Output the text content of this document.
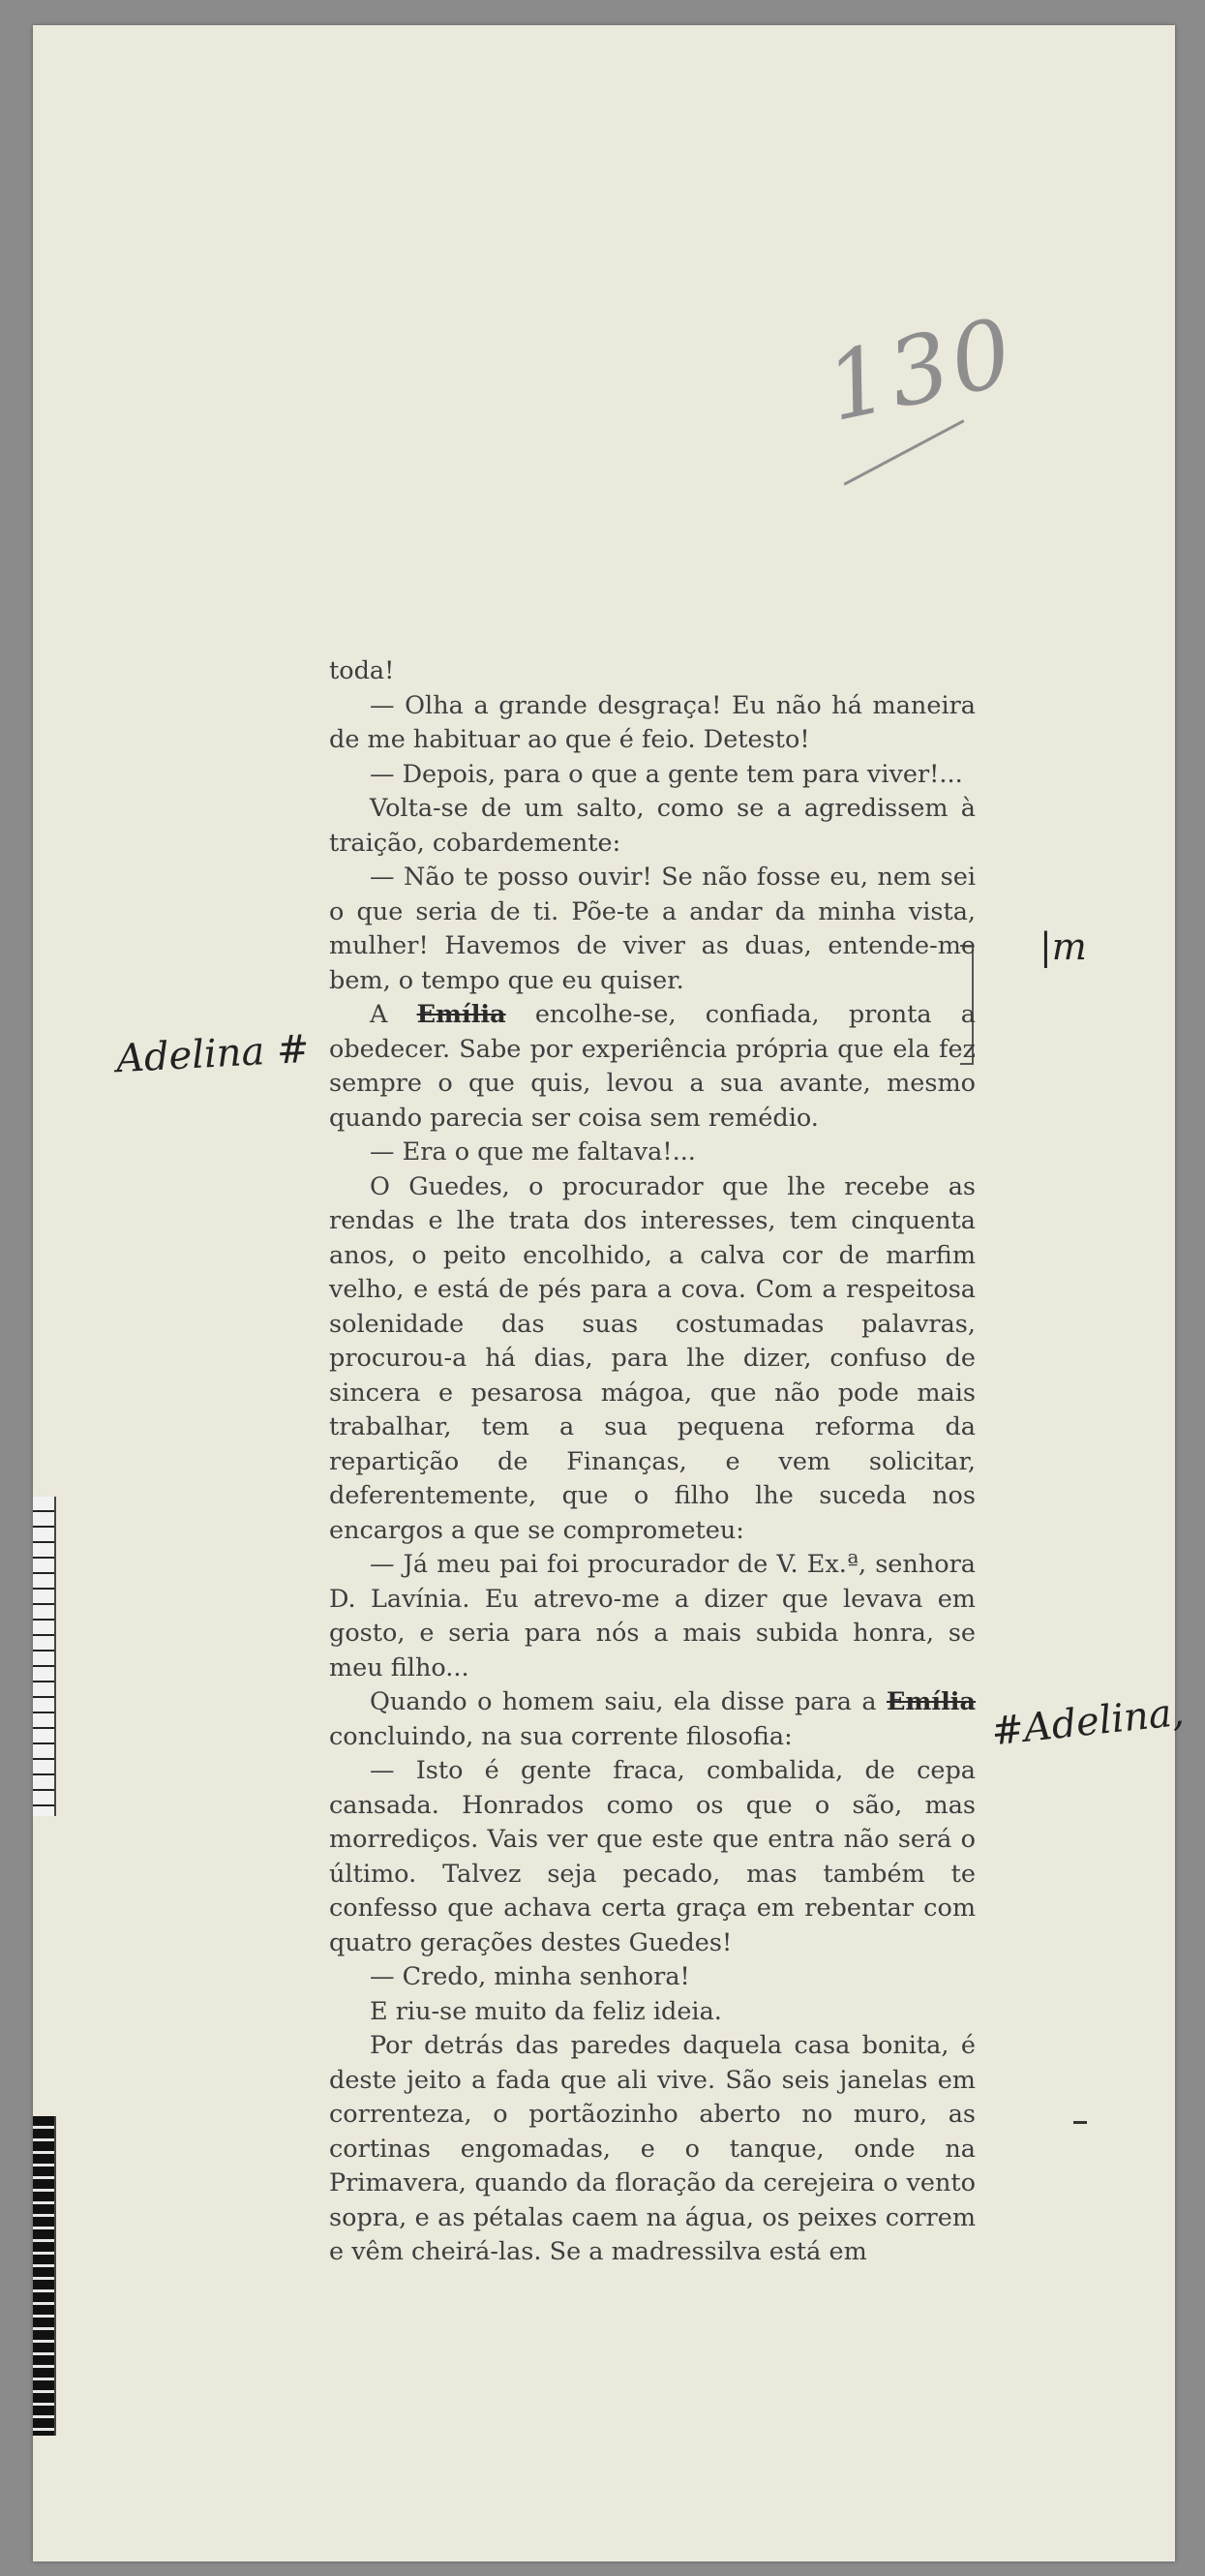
130
Adelina #
|m
#Adelina,

toda!

— Olha a grande desgraça! Eu não há maneira de me habituar ao que é feio. Detesto!

— Depois, para o que a gente tem para viver!...

Volta-se de um salto, como se a agredissem à traição, cobardemente:

— Não te posso ouvir! Se não fosse eu, nem sei o que seria de ti. Põe-te a andar da minha vista, mulher! Havemos de viver as duas, entende-me bem, o tempo que eu quiser.

A Emília encolhe-se, confiada, pronta a obedecer. Sabe por experiência própria que ela fez sempre o que quis, levou a sua avante, mesmo quando parecia ser coisa sem remédio.

— Era o que me faltava!...

O Guedes, o procurador que lhe recebe as rendas e lhe trata dos interesses, tem cinquenta anos, o peito encolhido, a calva cor de marfim velho, e está de pés para a cova. Com a respeitosa solenidade das suas costumadas palavras, procurou-a há dias, para lhe dizer, confuso de sincera e pesarosa mágoa, que não pode mais trabalhar, tem a sua pequena reforma da repartição de Finanças, e vem solicitar, deferentemente, que o filho lhe suceda nos encargos a que se comprometeu:

— Já meu pai foi procurador de V. Ex.ª, senhora D. Lavínia. Eu atrevo-me a dizer que levava em gosto, e seria para nós a mais subida honra, se meu filho...

Quando o homem saiu, ela disse para a Emília concluindo, na sua corrente filosofia:

— Isto é gente fraca, combalida, de cepa cansada. Honrados como os que o são, mas morrediços. Vais ver que este que entra não será o último. Talvez seja pecado, mas também te confesso que achava certa graça em rebentar com quatro gerações destes Guedes!

— Credo, minha senhora!

E riu-se muito da feliz ideia.

Por detrás das paredes daquela casa bonita, é deste jeito a fada que ali vive. São seis janelas em correnteza, o portãozinho aberto no muro, as cortinas engomadas, e o tanque, onde na Primavera, quando da floração da cerejeira o vento sopra, e as pétalas caem na água, os peixes correm e vêm cheirá-las. Se a madressilva está em
